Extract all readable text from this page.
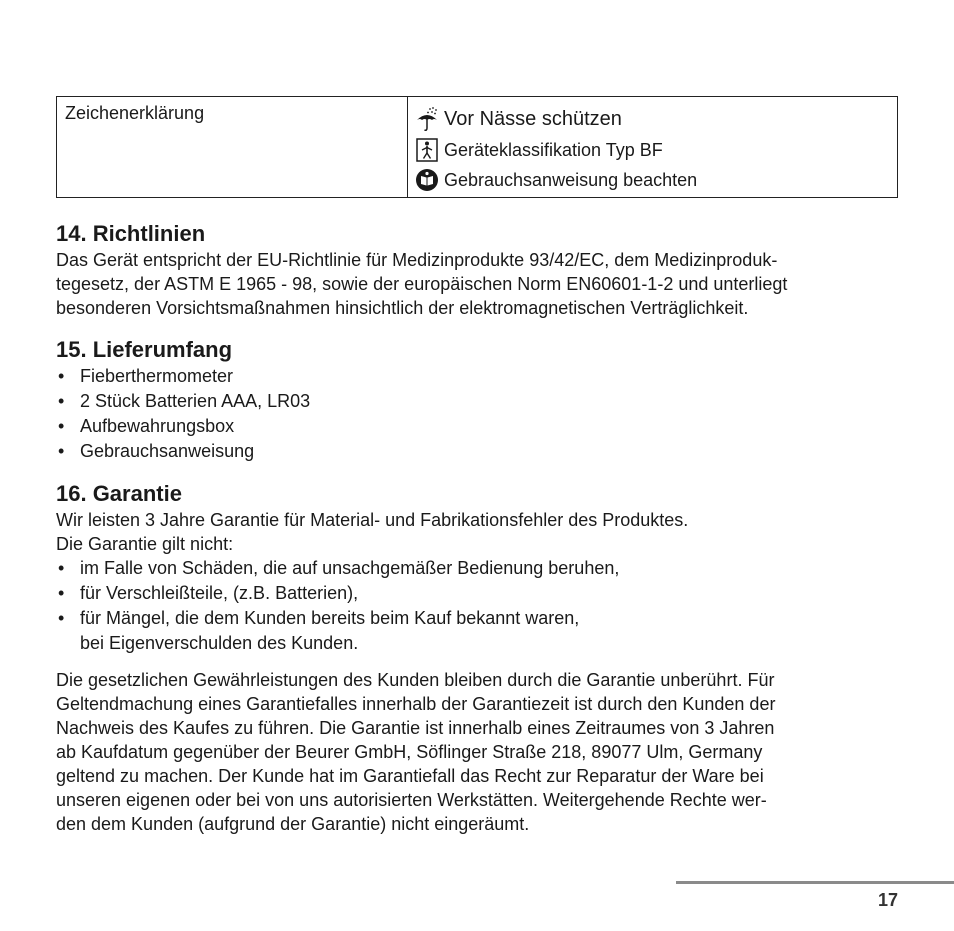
Zeichenerklärung	Vor Nässe schützen
Geräteklassifikation Typ BF
Gebrauchsanweisung beachten
14. Richtlinien

Das Gerät entspricht der EU-Richtlinie für Medizinprodukte 93/42/EC, dem Medizinproduk-

tegesetz, der ASTM E 1965 - 98, sowie der europäischen Norm EN60601-1-2 und unterliegt

besonderen Vorsichtsmaßnahmen hinsichtlich der elektromagnetischen Verträglichkeit.

15. Lieferumfang
• Fieberthermometer
• 2 Stück Batterien AAA, LR03
• Aufbewahrungsbox
• Gebrauchsanweisung
16. Garantie

Wir leisten 3 Jahre Garantie für Material- und Fabrikationsfehler des Produktes.

Die Garantie gilt nicht:

• im Falle von Schäden, die auf unsachgemäßer Bedienung beruhen,
• für Verschleißteile, (z.B. Batterien),
• für Mängel, die dem Kunden bereits beim Kauf bekannt waren,
bei Eigenverschulden des Kunden.

Die gesetzlichen Gewährleistungen des Kunden bleiben durch die Garantie unberührt. Für

Geltendmachung eines Garantiefalles innerhalb der Garantiezeit ist durch den Kunden der

Nachweis des Kaufes zu führen. Die Garantie ist innerhalb eines Zeitraumes von 3 Jahren

ab Kaufdatum gegenüber der Beurer GmbH, Söflinger Straße 218, 89077 Ulm, Germany

geltend zu machen. Der Kunde hat im Garantiefall das Recht zur Reparatur der Ware bei

unseren eigenen oder bei von uns autorisierten Werkstätten. Weitergehende Rechte wer-

den dem Kunden (aufgrund der Garantie) nicht eingeräumt.

17
